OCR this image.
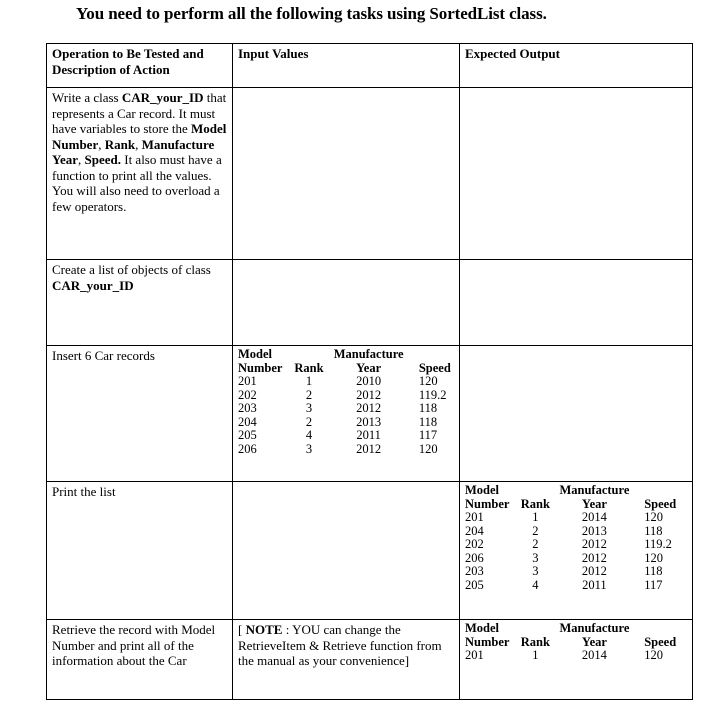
You need to perform all the following tasks using SortedList class.
Operation to Be Tested and Description of Action	Input Values	Expected Output
Write a class CAR_your_ID that represents a Car record. It must have variables to store the Model Number, Rank, Manufacture Year, Speed. It also must have a function to print all the values. You will also need to overload a few operators.		
Create a list of objects of class CAR_your_ID		
Insert 6 Car records		Model		Manufacture	
Number	Rank	Year	Speed
201	1	2010	120
202	2	2012	119.2
203	3	2012	118
204	2	2013	118
205	4	2011	117
206	3	2012	120

Print the list			Model		Manufacture	
Number	Rank	Year	Speed
201	1	2014	120
204	2	2013	118
202	2	2012	119.2
206	3	2012	120
203	3	2012	118
205	4	2011	117

Retrieve the record with Model Number and print all of the information about the Car	[ NOTE : YOU can change the RetrieveItem & Retrieve function from the manual as your convenience]	
Model		Manufacture	
Number	Rank	Year	Speed
201	1	2014	120
